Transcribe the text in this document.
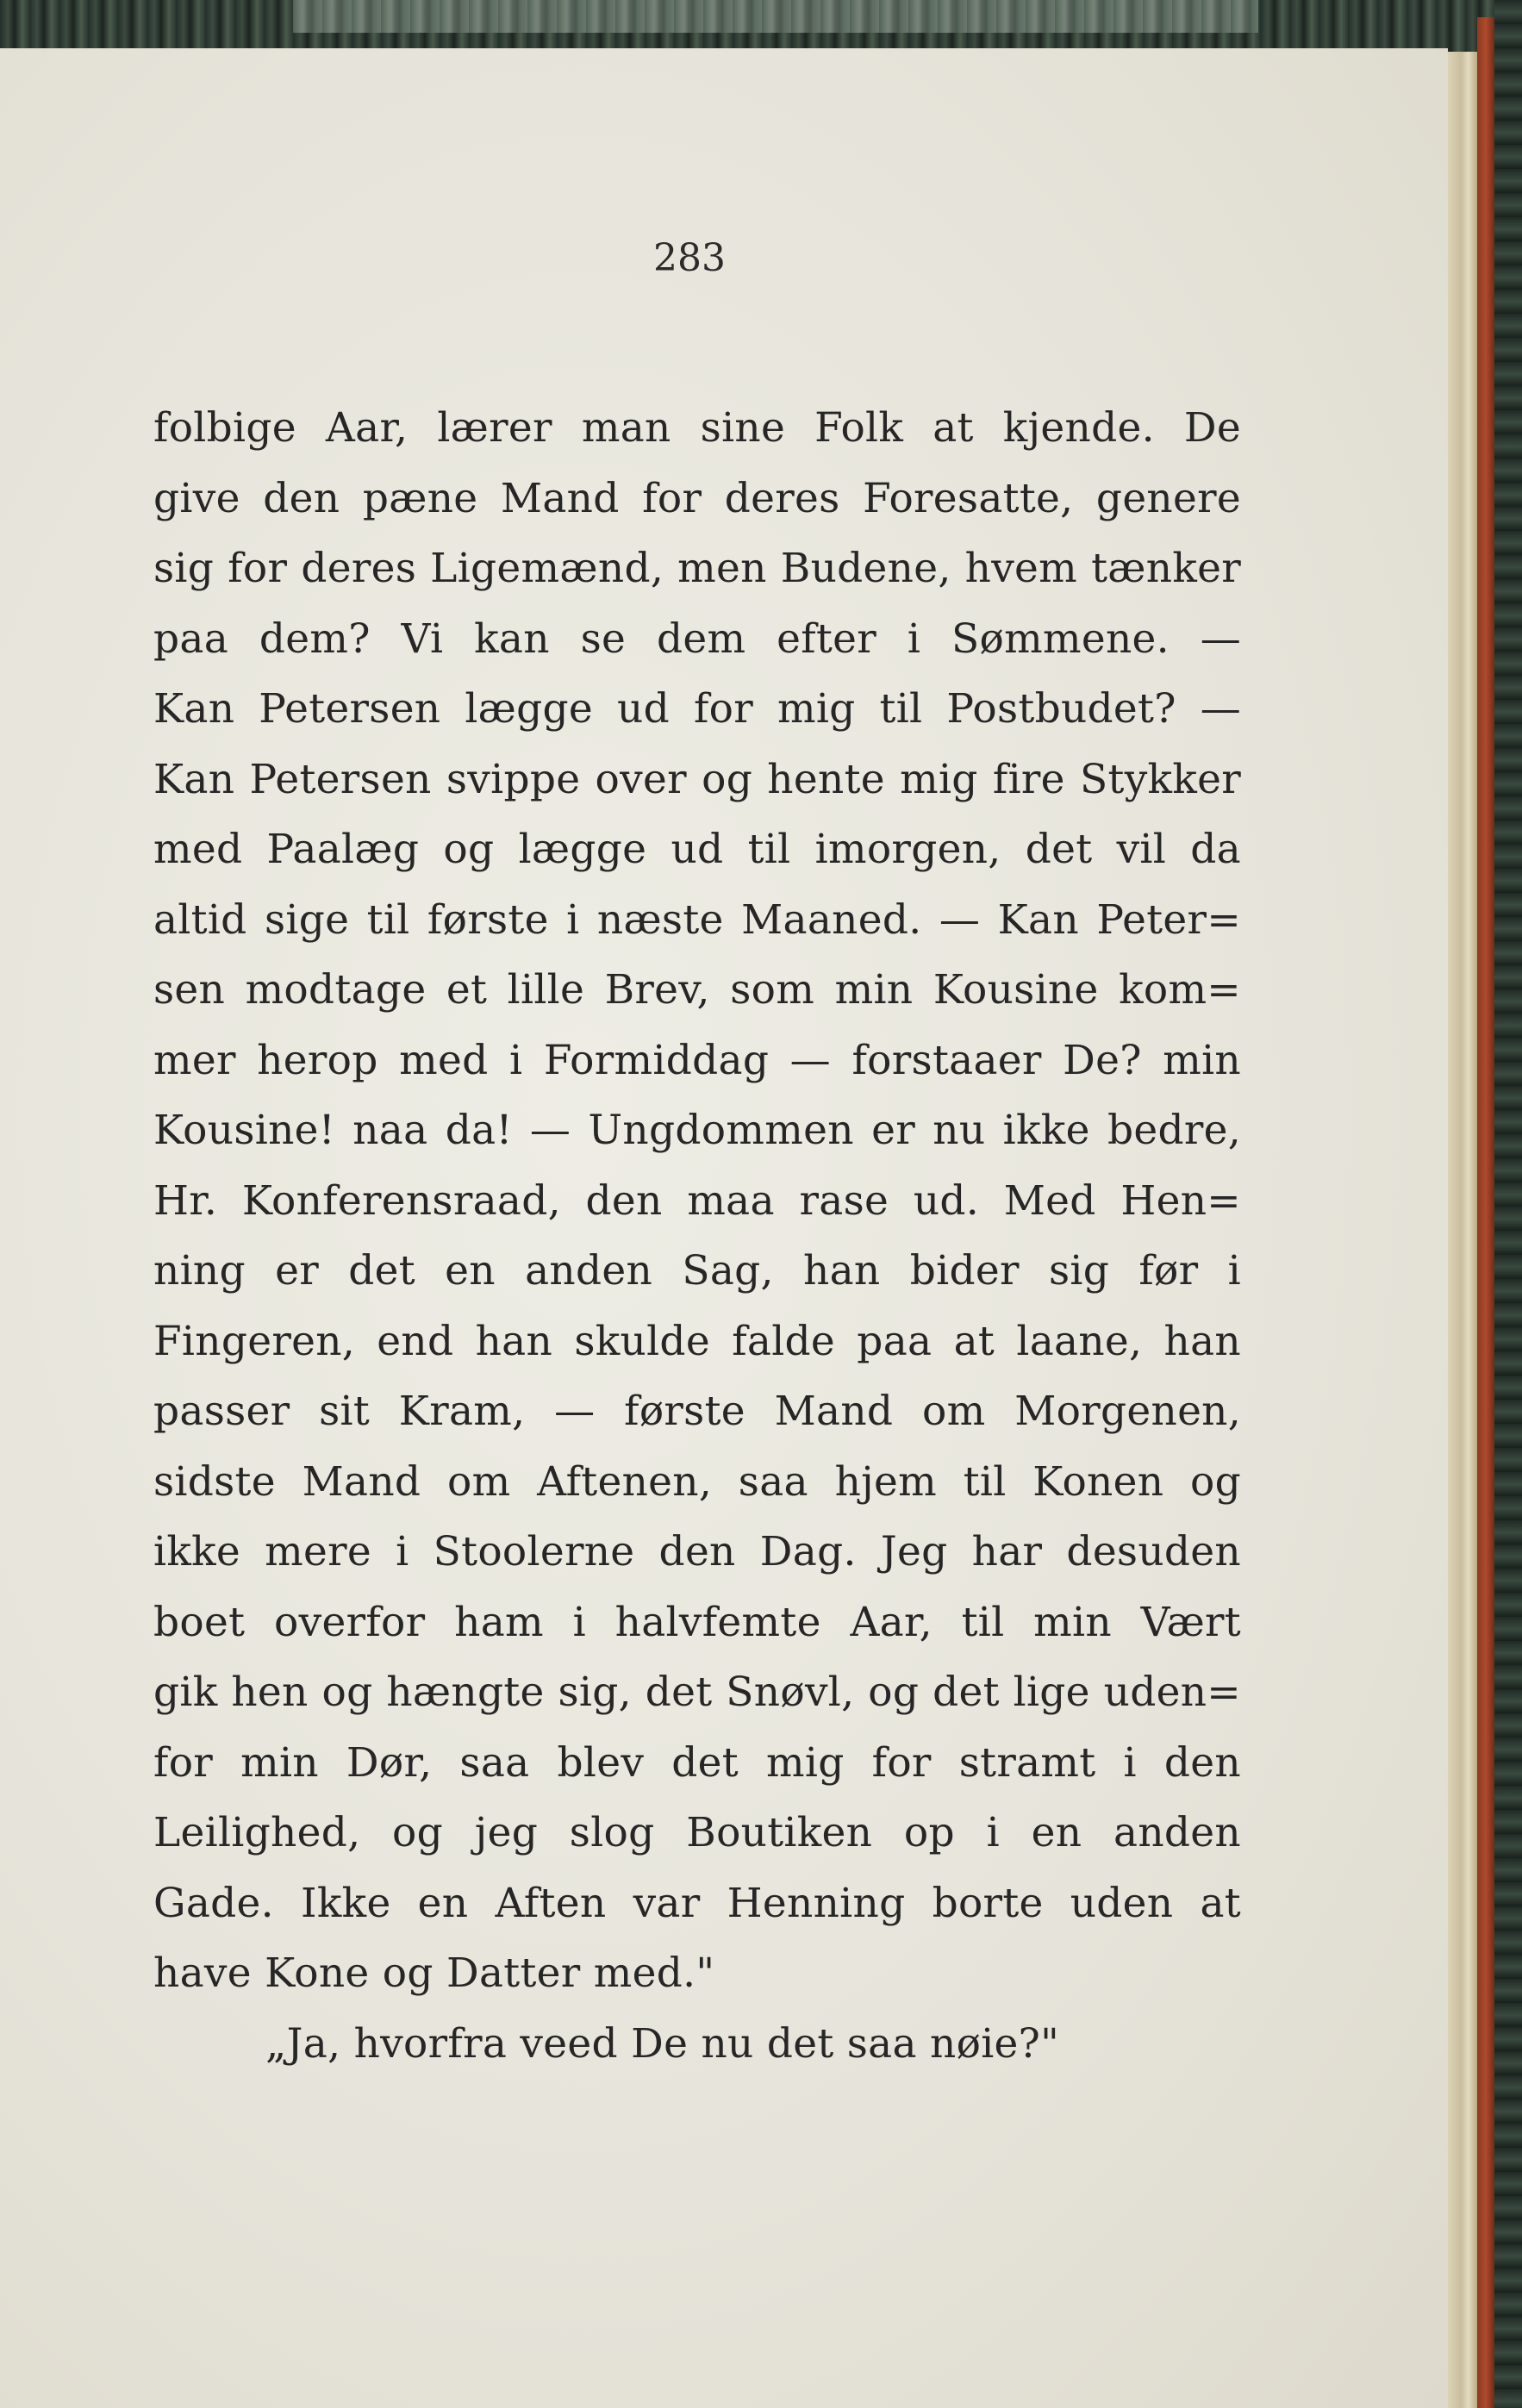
283
folbige Aar, lærer man sine Folk at kjende. De
give den pæne Mand for deres Foresatte, genere
sig for deres Ligemænd, men Budene, hvem tænker
paa dem? Vi kan se dem efter i Sømmene. —
Kan Petersen lægge ud for mig til Postbudet? —
Kan Petersen svippe over og hente mig fire Stykker
med Paalæg og lægge ud til imorgen, det vil da
altid sige til første i næste Maaned. — Kan Peter=
sen modtage et lille Brev, som min Kousine kom=
mer herop med i Formiddag — forstaaer De? min
Kousine! naa da! — Ungdommen er nu ikke bedre,
Hr. Konferensraad, den maa rase ud. Med Hen=
ning er det en anden Sag, han bider sig før i
Fingeren, end han skulde falde paa at laane, han
passer sit Kram, — første Mand om Morgenen,
sidste Mand om Aftenen, saa hjem til Konen og
ikke mere i Stoolerne den Dag. Jeg har desuden
boet overfor ham i halvfemte Aar, til min Vært
gik hen og hængte sig, det Snøvl, og det lige uden=
for min Dør, saa blev det mig for stramt i den
Leilighed, og jeg slog Boutiken op i en anden
Gade. Ikke en Aften var Henning borte uden at
have Kone og Datter med."
„Ja, hvorfra veed De nu det saa nøie?"
